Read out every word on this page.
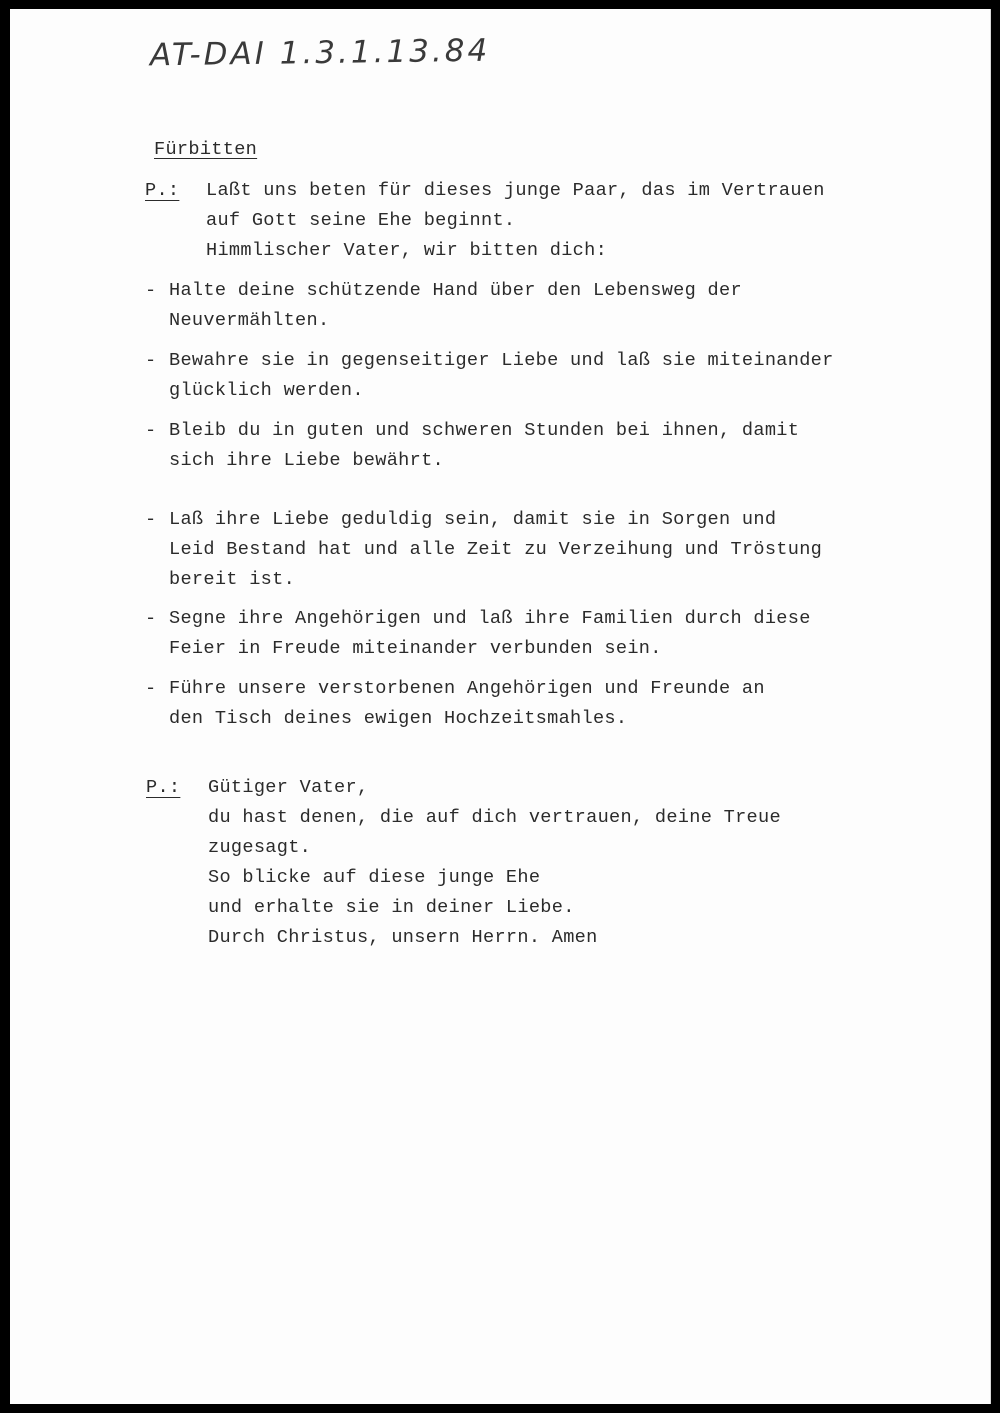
AT-DAI 1.3.1.13.84
Fürbitten
P.: Laßt uns beten für dieses junge Paar, das im Vertrauen
auf Gott seine Ehe beginnt.
Himmlischer Vater, wir bitten dich:
- Halte deine schützende Hand über den Lebensweg der
Neuvermählten.
- Bewahre sie in gegenseitiger Liebe und laß sie miteinander
glücklich werden.
- Bleib du in guten und schweren Stunden bei ihnen, damit
sich ihre Liebe bewährt.
- Laß ihre Liebe geduldig sein, damit sie in Sorgen und
Leid Bestand hat und alle Zeit zu Verzeihung und Tröstung
bereit ist.
- Segne ihre Angehörigen und laß ihre Familien durch diese
Feier in Freude miteinander verbunden sein.
- Führe unsere verstorbenen Angehörigen und Freunde an
den Tisch deines ewigen Hochzeitsmahles.
P.: Gütiger Vater,
du hast denen, die auf dich vertrauen, deine Treue
zugesagt.
So blicke auf diese junge Ehe
und erhalte sie in deiner Liebe.
Durch Christus, unsern Herrn. Amen
